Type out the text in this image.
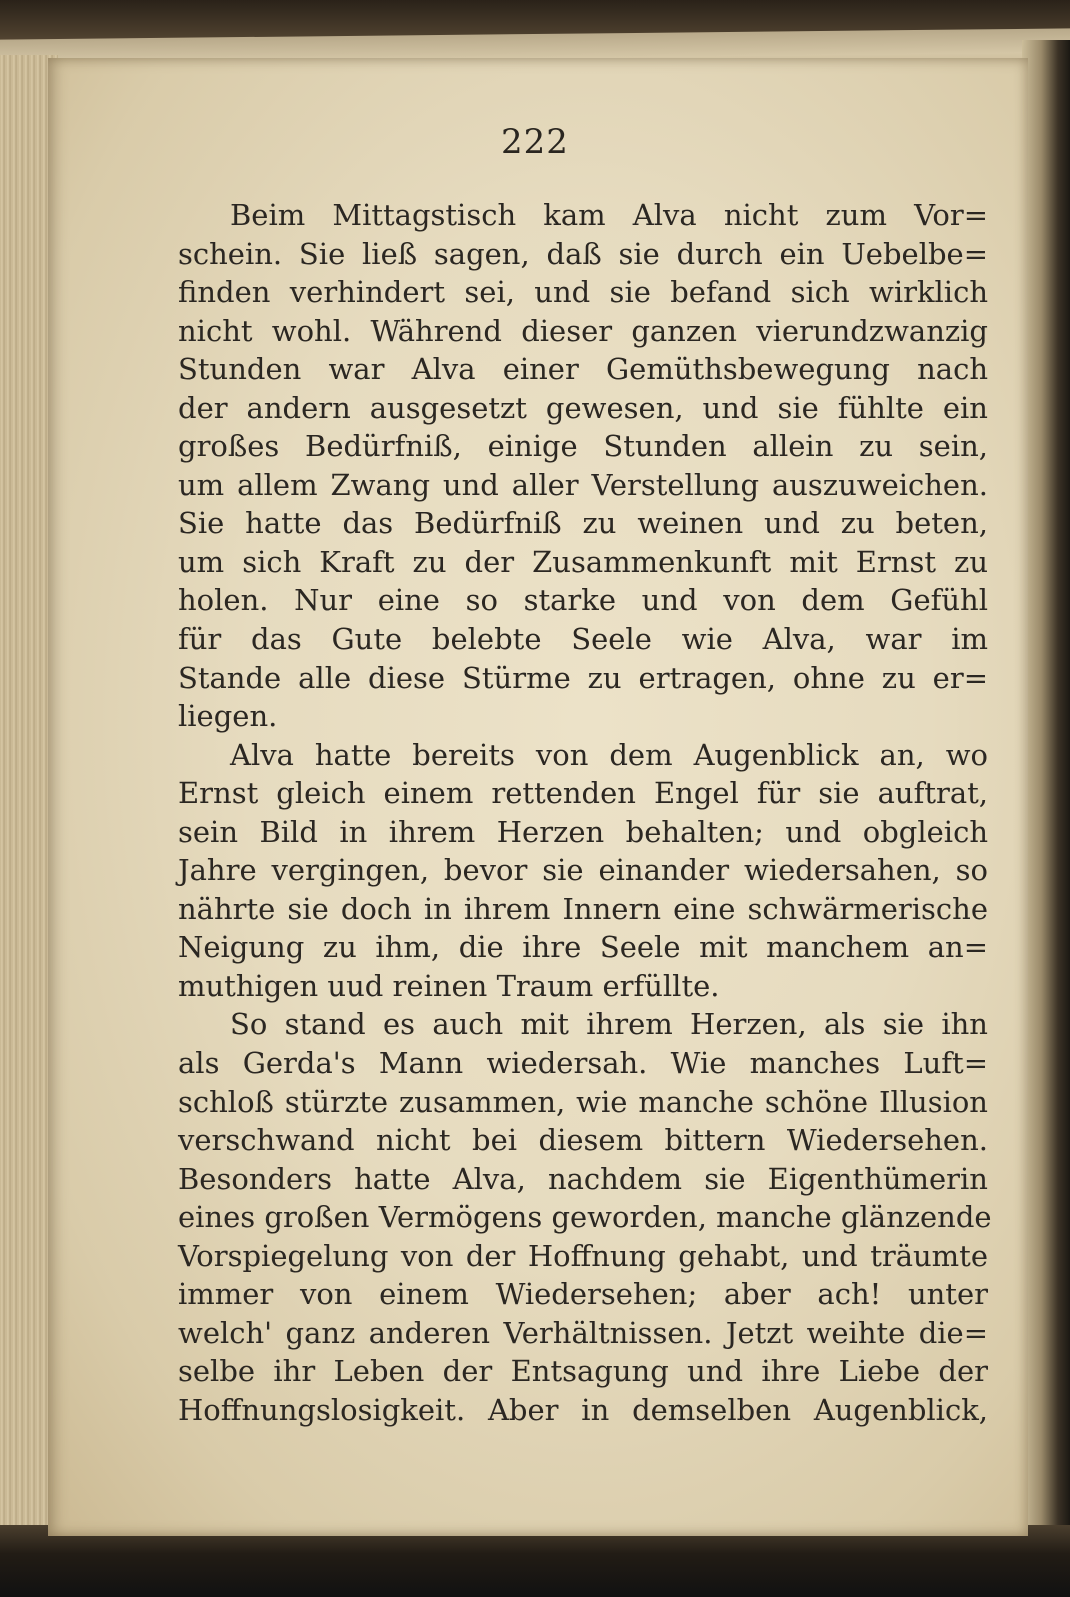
222
Beim Mittagstisch kam Alva nicht zum Vor=
schein. Sie ließ sagen, daß sie durch ein Uebelbe=
finden verhindert sei, und sie befand sich wirklich
nicht wohl. Während dieser ganzen vierundzwanzig
Stunden war Alva einer Gemüthsbewegung nach
der andern ausgesetzt gewesen, und sie fühlte ein
großes Bedürfniß, einige Stunden allein zu sein,
um allem Zwang und aller Verstellung auszuweichen.
Sie hatte das Bedürfniß zu weinen und zu beten,
um sich Kraft zu der Zusammenkunft mit Ernst zu
holen. Nur eine so starke und von dem Gefühl
für das Gute belebte Seele wie Alva, war im
Stande alle diese Stürme zu ertragen, ohne zu er=
liegen.
Alva hatte bereits von dem Augenblick an, wo
Ernst gleich einem rettenden Engel für sie auftrat,
sein Bild in ihrem Herzen behalten; und obgleich
Jahre vergingen, bevor sie einander wiedersahen, so
nährte sie doch in ihrem Innern eine schwärmerische
Neigung zu ihm, die ihre Seele mit manchem an=
muthigen uud reinen Traum erfüllte.
So stand es auch mit ihrem Herzen, als sie ihn
als Gerda's Mann wiedersah. Wie manches Luft=
schloß stürzte zusammen, wie manche schöne Illusion
verschwand nicht bei diesem bittern Wiedersehen.
Besonders hatte Alva, nachdem sie Eigenthümerin
eines großen Vermögens geworden, manche glänzende
Vorspiegelung von der Hoffnung gehabt, und träumte
immer von einem Wiedersehen; aber ach! unter
welch' ganz anderen Verhältnissen. Jetzt weihte die=
selbe ihr Leben der Entsagung und ihre Liebe der
Hoffnungslosigkeit. Aber in demselben Augenblick,
